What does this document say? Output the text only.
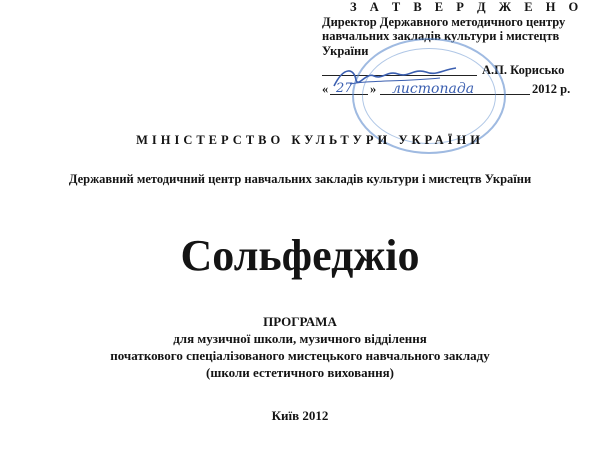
З А Т В Е Р Д Ж Е Н О
Директор Державного методичного центру
навчальних закладів культури і мистецтв
України
А.П. Корисько
« 27 » листопада	2012 р.
МІНІСТЕРСТВО КУЛЬТУРИ УКРАЇНИ
Державний методичний центр навчальних закладів культури і мистецтв України
Сольфеджіо
ПРОГРАМА
для музичної школи, музичного відділення
початкового спеціалізованого мистецького навчального закладу
(школи естетичного виховання)
Київ 2012
